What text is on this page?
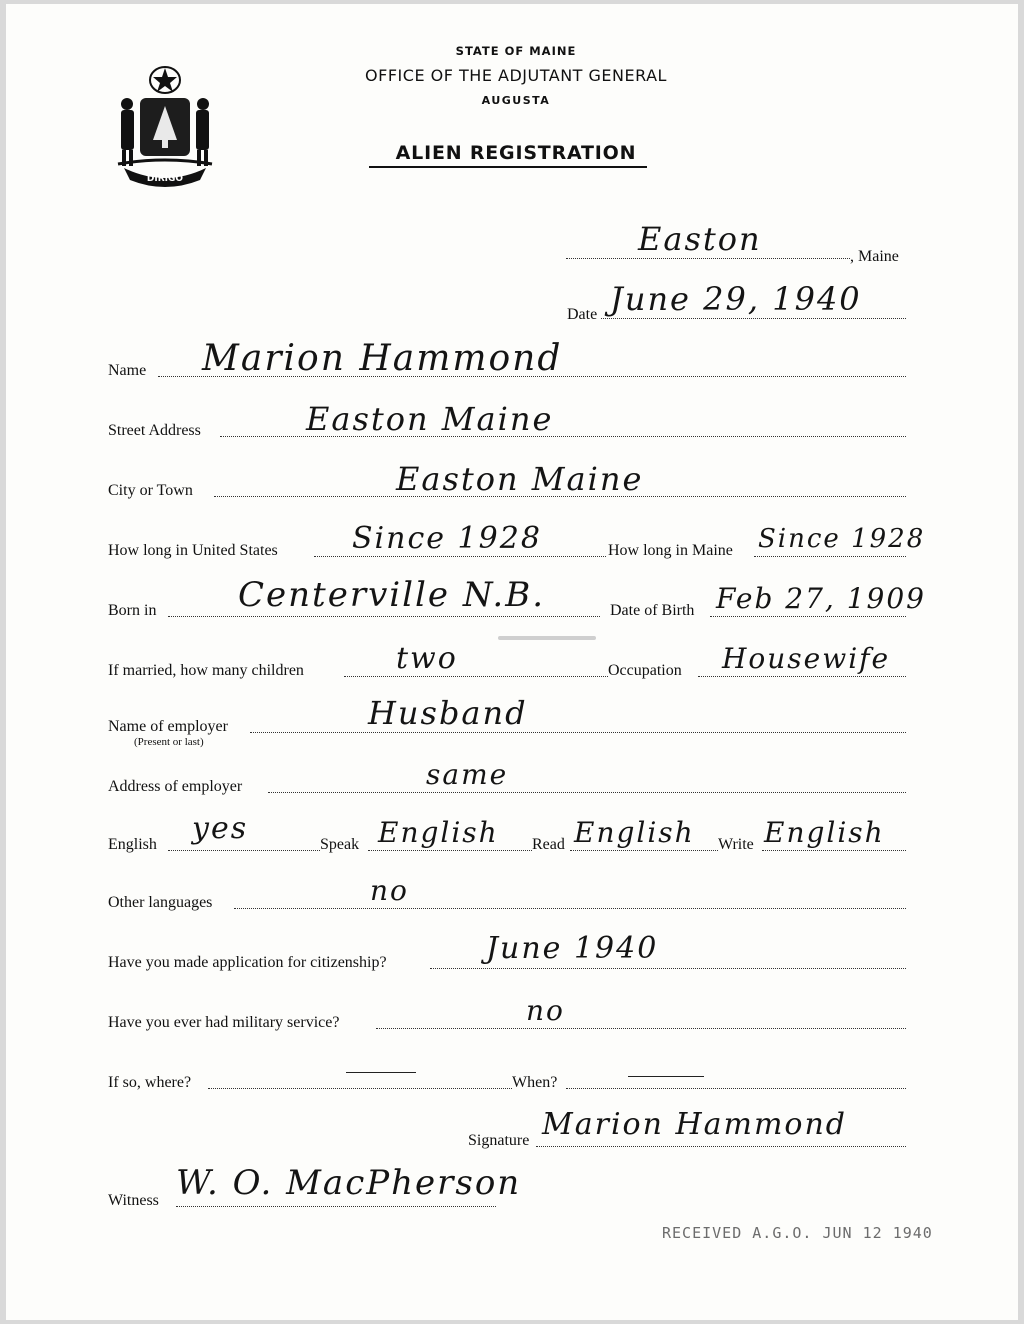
DIRIGO
STATE OF MAINE
OFFICE OF THE ADJUTANT GENERAL
AUGUSTA
ALIEN REGISTRATION
Easton	, Maine
Date June 29, 1940
Name Marion Hammond
Street Address	Easton Maine
City or Town	Easton Maine
How long in United States Since 1928	How long in Maine Since 1928
Born in Centerville N.B.	Date of Birth Feb 27, 1909
If married, how many children	two	Occupation Housewife
Name of employer
(Present or last)
Husband
Address of employer	same
English yes	Speak English Read English Write English
Other languages	no
Have you made application for citizenship?	June 1940
Have you ever had military service?	no
If so, where?	When?
Signature Marion Hammond
Witness W. O. MacPherson
RECEIVED A.G.O. JUN 12 1940
